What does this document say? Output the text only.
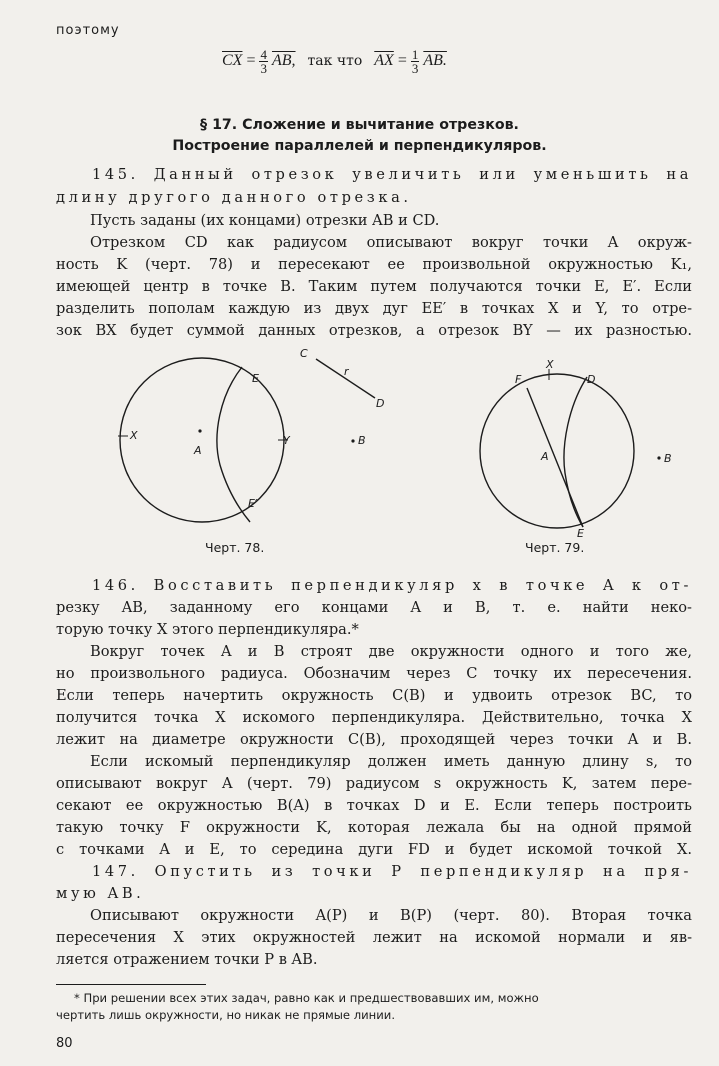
поэтому
$\overline{CX} = \frac{4}{3}$ AB, так что $\overline{AX} = \frac{1}{3}$ AB.
§ 17. Сложение и вычитание отрезков.
Построение параллелей и перпендикуляров.
145. Данный отрезок увеличить или уменьшить на
длину другого данного отрезка.
Пусть заданы (их концами) отрезки AB и CD.
Отрезком CD как радиусом описывают вокруг точки A окруж-
ность K (черт. 78) и пересекают ее произвольной окружностью K₁,
имеющей центр в точке B. Таким путем получаются точки E, E′. Если
разделить пополам каждую из двух дуг EE′ в точках X и Y, то отре-
зок BX будет суммой данных отрезков, а отрезок BY — их разностью.
C
r
D
E
X	Y
A
B
E′
Черт. 78.
F
X
D
A	B
E
Черт. 79.
146. Восставить перпендикуляр x в точке A к от-
резку AB, заданному его концами A и B, т. е. найти неко-
торую точку X этого перпендикуляра.*
Вокруг точек A и B строят две окружности одного и того же,
но произвольного радиуса. Обозначим через C точку их пересечения.
Если теперь начертить окружность C(B) и удвоить отрезок BC, то
получится точка X искомого перпендикуляра. Действительно, точка X
лежит на диаметре окружности C(B), проходящей через точки A и B.
Если искомый перпендикуляр должен иметь данную длину s, то
описывают вокруг A (черт. 79) радиусом s окружность K, затем пере-
секают ее окружностью B(A) в точках D и E. Если теперь построить
такую точку F окружности K, которая лежала бы на одной прямой
с точками A и E, то середина дуги FD и будет искомой точкой X.
147. Опустить из точки P перпендикуляр на пря-
мую AB.
Описывают окружности A(P) и B(P) (черт. 80). Вторая точка
пересечения X этих окружностей лежит на искомой нормали и яв-
ляется отражением точки P в AB.
* При решении всех этих задач, равно как и предшествовавших им, можно
чертить лишь окружности, но никак не прямые линии.
80
